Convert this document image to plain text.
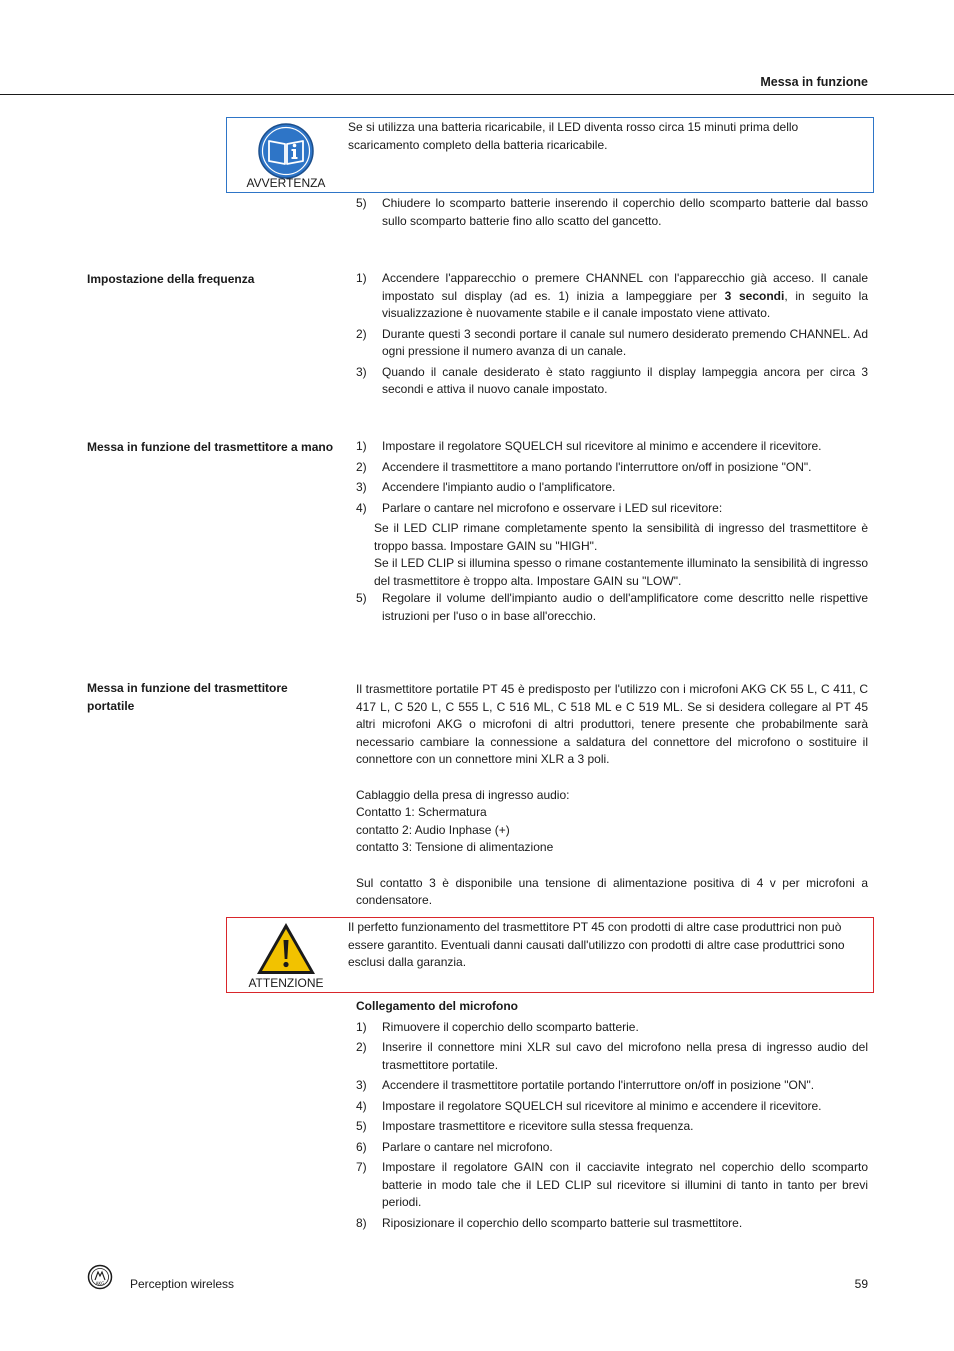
Messa in funzione
AVVERTENZA
Se si utilizza una batteria ricaricabile, il LED diventa rosso circa 15 minuti prima dello scaricamento completo della batteria ricaricabile.
5) Chiudere lo scomparto batterie inserendo il coperchio dello scomparto batterie dal basso sullo scomparto batterie fino allo scatto del gancetto.
Impostazione della frequenza	1) Accendere l'apparecchio o premere CHANNEL con l'apparecchio già acceso. Il canale impostato sul display (ad es. 1) inizia a lampeggiare per 3 secondi, in seguito la visualizzazione è nuovamente stabile e il canale impostato viene attivato.
2) Durante questi 3 secondi portare il canale sul numero desiderato premendo CHANNEL. Ad ogni pressione il numero avanza di un canale.
3) Quando il canale desiderato è stato raggiunto il display lampeggia ancora per circa 3 secondi e attiva il nuovo canale impostato.
Messa in funzione del trasmettitore a mano	1) Impostare il regolatore SQUELCH sul ricevitore al minimo e accendere il ricevitore.
2) Accendere il trasmettitore a mano portando l'interruttore on/off in posizione "ON".
3) Accendere l'impianto audio o l'amplificatore.
4) Parlare o cantare nel microfono e osservare i LED sul ricevitore:

Se il LED CLIP rimane completamente spento la sensibilità di ingresso del trasmettitore è troppo bassa. Impostare GAIN su "HIGH".

Se il LED CLIP si illumina spesso o rimane costantemente illuminato la sensibilità di ingresso del trasmettitore è troppo alta. Impostare GAIN su "LOW".

5) Regolare il volume dell'impianto audio o dell'amplificatore come descritto nelle rispettive istruzioni per l'uso o in base all'orecchio.
Messa in funzione del trasmettitore portatile

Il trasmettitore portatile PT 45 è predisposto per l'utilizzo con i microfoni AKG CK 55 L, C 411, C 417 L, C 520 L, C 555 L, C 516 ML, C 518 ML e C 519 ML. Se si desidera collegare al PT 45 altri microfoni AKG o microfoni di altri produttori, tenere presente che probabilmente sarà necessario cambiare la connessione a saldatura del connettore del microfono o sostituire il connettore con un connettore mini XLR a 3 poli.

Cablaggio della presa di ingresso audio:

Contatto 1: Schermatura

contatto 2: Audio Inphase (+)

contatto 3: Tensione di alimentazione

Sul contatto 3 è disponibile una tensione di alimentazione positiva di 4 v per microfoni a condensatore.

ATTENZIONE
Il perfetto funzionamento del trasmettitore PT 45 con prodotti di altre case produttrici non può essere garantito. Eventuali danni causati dall'utilizzo con prodotti di altre case produttrici sono esclusi dalla garanzia.

Collegamento del microfono

1) Rimuovere il coperchio dello scomparto batterie.
2) Inserire il connettore mini XLR sul cavo del microfono nella presa di ingresso audio del trasmettitore portatile.
3) Accendere il trasmettitore portatile portando l'interruttore on/off in posizione "ON".
4) Impostare il regolatore SQUELCH sul ricevitore al minimo e accendere il ricevitore.
5) Impostare trasmettitore e ricevitore sulla stessa frequenza.
6) Parlare o cantare nel microfono.
7) Impostare il regolatore GAIN con il cacciavite integrato nel coperchio dello scomparto batterie in modo tale che il LED CLIP sul ricevitore si illumini di tanto in tanto per brevi periodi.
8) Riposizionare il coperchio dello scomparto batterie sul trasmettitore.
AKG Perception wireless	59
